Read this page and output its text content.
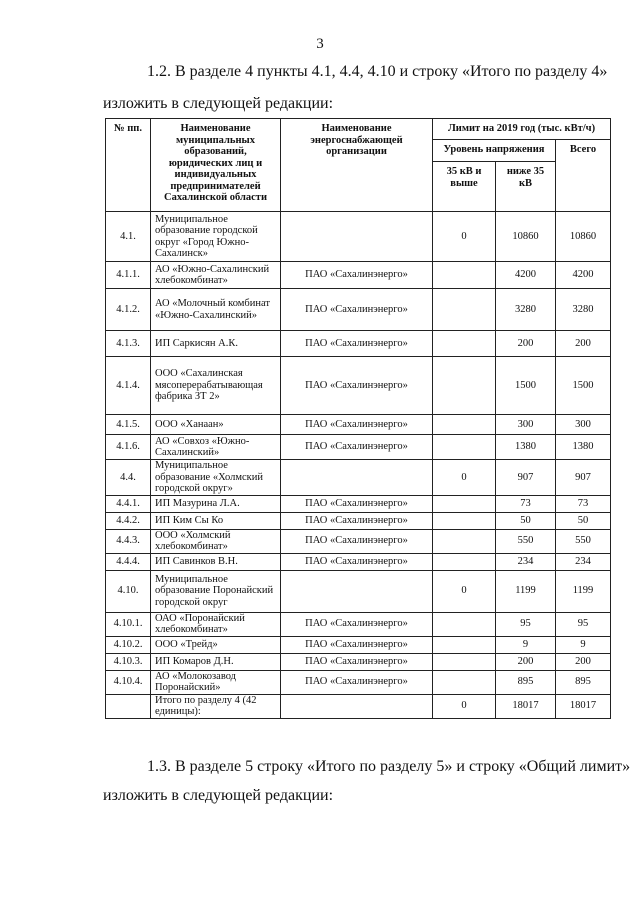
3
1.2. В разделе 4 пункты 4.1, 4.4, 4.10 и строку «Итого по разделу 4»
изложить в следующей редакции:
№ пп.	Наименование муниципальных образований, юридических лиц и индивидуальных предпринимателей Сахалинской области	Наименование энергоснабжающей организации	Лимит на 2019 год (тыс. кВт/ч)		
			Уровень напряжения		Всего
			35 кВ и выше	ниже 35 кВ	
4.1.	Муниципальное образование городской округ «Город Южно-Сахалинск»		0	10860	10860
4.1.1.	АО «Южно-Сахалинский хлебокомбинат»	ПАО «Сахалинэнерго»		4200	4200
4.1.2.	АО «Молочный комбинат «Южно-Сахалинский»	ПАО «Сахалинэнерго»		3280	3280
4.1.3.	ИП Саркисян А.К.	ПАО «Сахалинэнерго»		200	200
4.1.4.	ООО «Сахалинская мясоперерабатывающая фабрика ЗТ 2»	ПАО «Сахалинэнерго»		1500	1500
4.1.5.	ООО «Ханаан»	ПАО «Сахалинэнерго»		300	300
4.1.6.	АО «Совхоз «Южно-Сахалинский»	ПАО «Сахалинэнерго»		1380	1380
4.4.	Муниципальное образование «Холмский городской округ»		0	907	907
4.4.1.	ИП Мазурина Л.А.	ПАО «Сахалинэнерго»		73	73
4.4.2.	ИП Ким Сы Ко	ПАО «Сахалинэнерго»		50	50
4.4.3.	ООО «Холмский хлебокомбинат»	ПАО «Сахалинэнерго»		550	550
4.4.4.	ИП Савинков В.Н.	ПАО «Сахалинэнерго»		234	234
4.10.	Муниципальное образование Поронайский городской округ		0	1199	1199
4.10.1.	ОАО «Поронайский хлебокомбинат»	ПАО «Сахалинэнерго»		95	95
4.10.2.	ООО «Трейд»	ПАО «Сахалинэнерго»		9	9
4.10.3.	ИП Комаров Д.Н.	ПАО «Сахалинэнерго»		200	200
4.10.4.	АО «Молокозавод Поронайский»	ПАО «Сахалинэнерго»		895	895
	Итого по разделу 4 (42 единицы):		0	18017	18017
1.3. В разделе 5 строку «Итого по разделу 5» и строку «Общий лимит»
изложить в следующей редакции:
